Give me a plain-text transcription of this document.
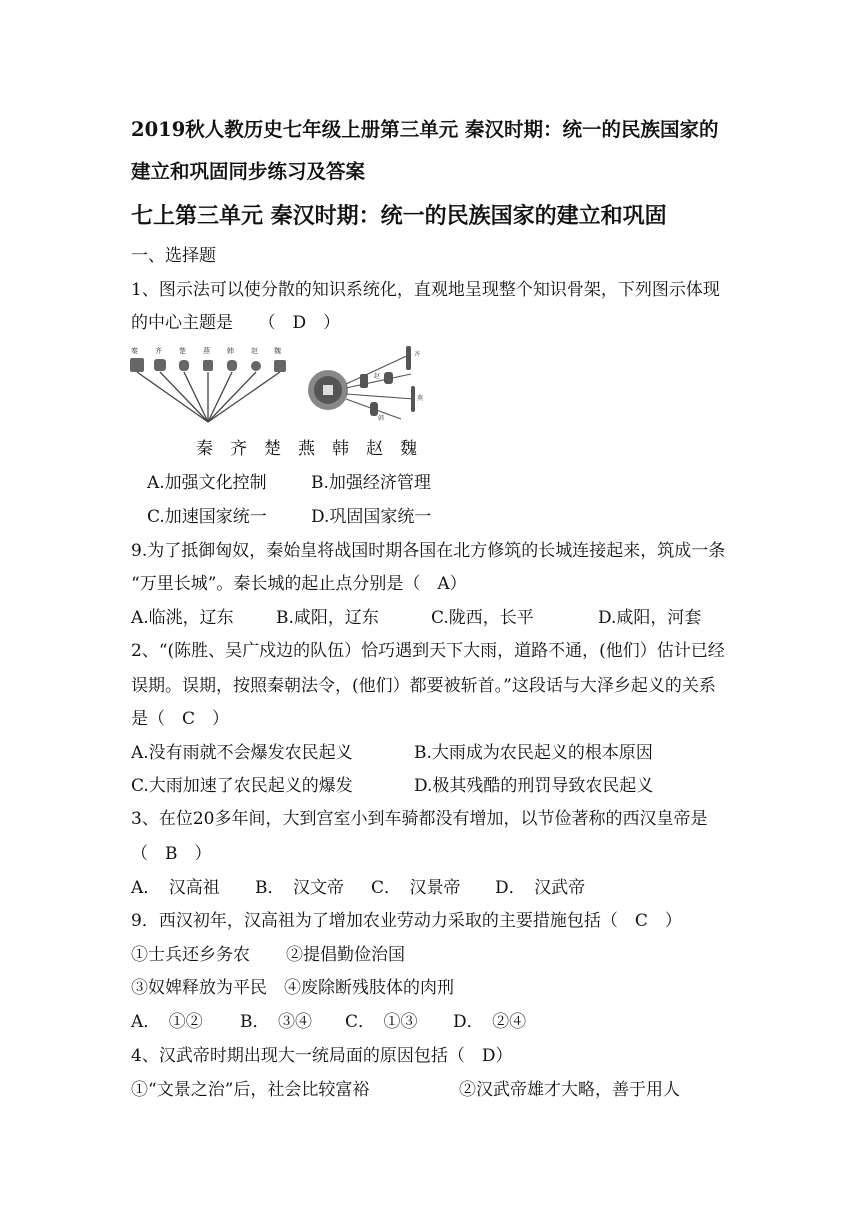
2019秋人教历史七年级上册第三单元 秦汉时期：统一的民族国家的
建立和巩固同步练习及答案
七上第三单元 秦汉时期：统一的民族国家的建立和巩固
一、选择题
1、图示法可以使分散的知识系统化，直观地呈现整个知识骨架，下列图示体现
的中心主题是　　（　D　）
秦 齐 楚 燕 韩 赵 魏	齐
赵
燕
韩
秦　齐　楚　燕　韩　赵　魏
A.加强文化控制	B.加强经济管理
C.加速国家统一	D.巩固国家统一
9.为了抵御匈奴，秦始皇将战国时期各国在北方修筑的长城连接起来，筑成一条
“万里长城”。秦长城的起止点分别是（　A）
A.临洮，辽东 B.咸阳，辽东	C.陇西，长平	D.咸阳，河套
2、“(陈胜、吴广戍边的队伍）恰巧遇到天下大雨，道路不通，(他们）估计已经
误期。误期，按照秦朝法令，(他们）都要被斩首。”这段话与大泽乡起义的关系
是（　C　）
A.没有雨就不会爆发农民起义	B.大雨成为农民起义的根本原因
C.大雨加速了农民起义的爆发	D.极其残酷的刑罚导致农民起义
3、在位20多年间，大到宫室小到车骑都没有增加，以节俭著称的西汉皇帝是
（　B　）
A．　汉高祖 B．　汉文帝 C．　汉景帝 D．　汉武帝
9．西汉初年，汉高祖为了增加农业劳动力采取的主要措施包括（　C　）
①士兵还乡务农 ②提倡勤俭治国
③奴婢释放为平民　④废除断残肢体的肉刑
A．　①② B．　③④ C．　①③ D．　②④
4、汉武帝时期出现大一统局面的原因包括（　D）
①“文景之治”后，社会比较富裕	②汉武帝雄才大略，善于用人
